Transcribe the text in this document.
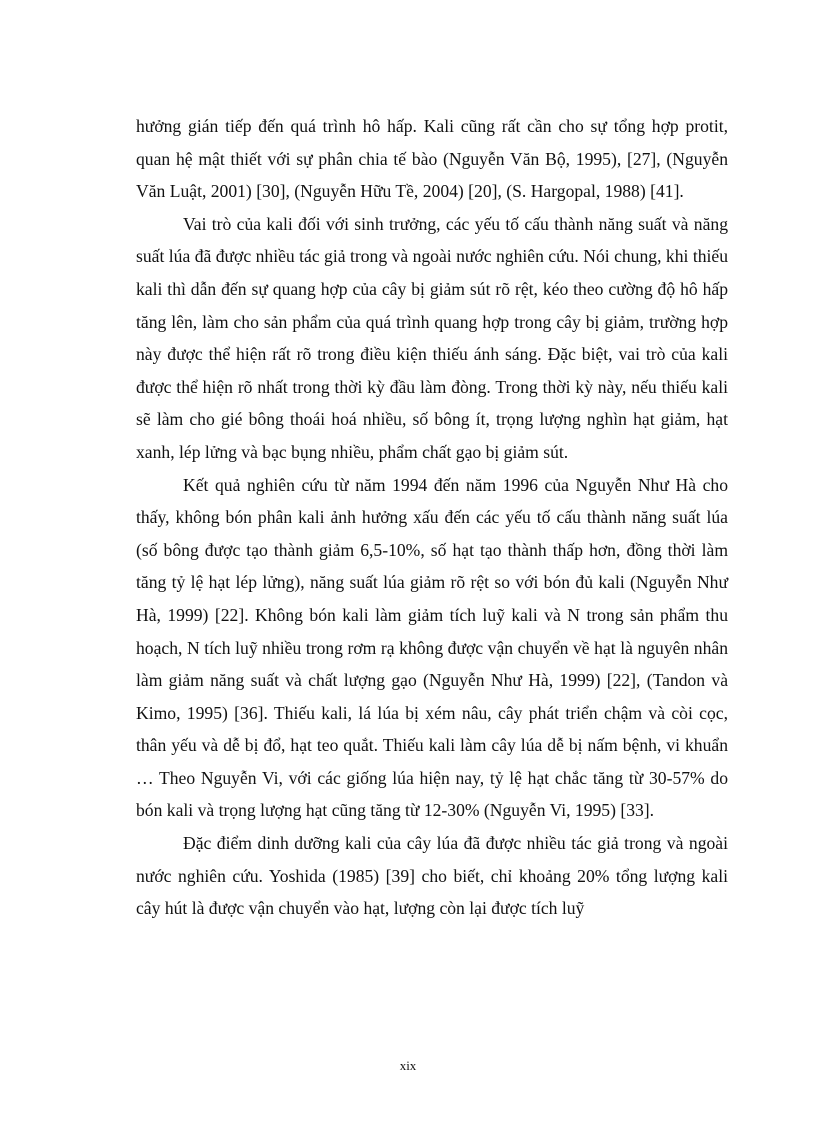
hưởng gián tiếp đến quá trình hô hấp. Kali cũng rất cần cho sự tổng hợp protit, quan hệ mật thiết với sự phân chia tế bào (Nguyễn Văn Bộ, 1995), [27], (Nguyễn Văn Luật, 2001) [30], (Nguyễn Hữu Tề, 2004) [20], (S. Hargopal, 1988) [41].

Vai trò của kali đối với sinh trưởng, các yếu tố cấu thành năng suất và năng suất lúa đã được nhiều tác giả trong và ngoài nước nghiên cứu. Nói chung, khi thiếu kali thì dẫn đến sự quang hợp của cây bị giảm sút rõ rệt, kéo theo cường độ hô hấp tăng lên, làm cho sản phẩm của quá trình quang hợp trong cây bị giảm, trường hợp này được thể hiện rất rõ trong điều kiện thiếu ánh sáng. Đặc biệt, vai trò của kali được thể hiện rõ nhất trong thời kỳ đầu làm đòng. Trong thời kỳ này, nếu thiếu kali sẽ làm cho gié bông thoái hoá nhiều, số bông ít, trọng lượng nghìn hạt giảm, hạt xanh, lép lửng và bạc bụng nhiều, phẩm chất gạo bị giảm sút.

Kết quả nghiên cứu từ năm 1994 đến năm 1996 của Nguyễn Như Hà cho thấy, không bón phân kali ảnh hưởng xấu đến các yếu tố cấu thành năng suất lúa (số bông được tạo thành giảm 6,5-10%, số hạt tạo thành thấp hơn, đồng thời làm tăng tỷ lệ hạt lép lửng), năng suất lúa giảm rõ rệt so với bón đủ kali (Nguyễn Như Hà, 1999) [22]. Không bón kali làm giảm tích luỹ kali và N trong sản phẩm thu hoạch, N tích luỹ nhiều trong rơm rạ không được vận chuyển về hạt là nguyên nhân làm giảm năng suất và chất lượng gạo (Nguyễn Như Hà, 1999) [22], (Tandon và Kimo, 1995) [36]. Thiếu kali, lá lúa bị xém nâu, cây phát triển chậm và còi cọc, thân yếu và dễ bị đổ, hạt teo quắt. Thiếu kali làm cây lúa dễ bị nấm bệnh, vi khuẩn … Theo Nguyễn Vi, với các giống lúa hiện nay, tỷ lệ hạt chắc tăng từ 30-57% do bón kali và trọng lượng hạt cũng tăng từ 12-30% (Nguyễn Vi, 1995) [33].

Đặc điểm dinh dưỡng kali của cây lúa đã được nhiều tác giả trong và ngoài nước nghiên cứu. Yoshida (1985) [39] cho biết, chỉ khoảng 20% tổng lượng kali cây hút là được vận chuyển vào hạt, lượng còn lại được tích luỹ

xix
